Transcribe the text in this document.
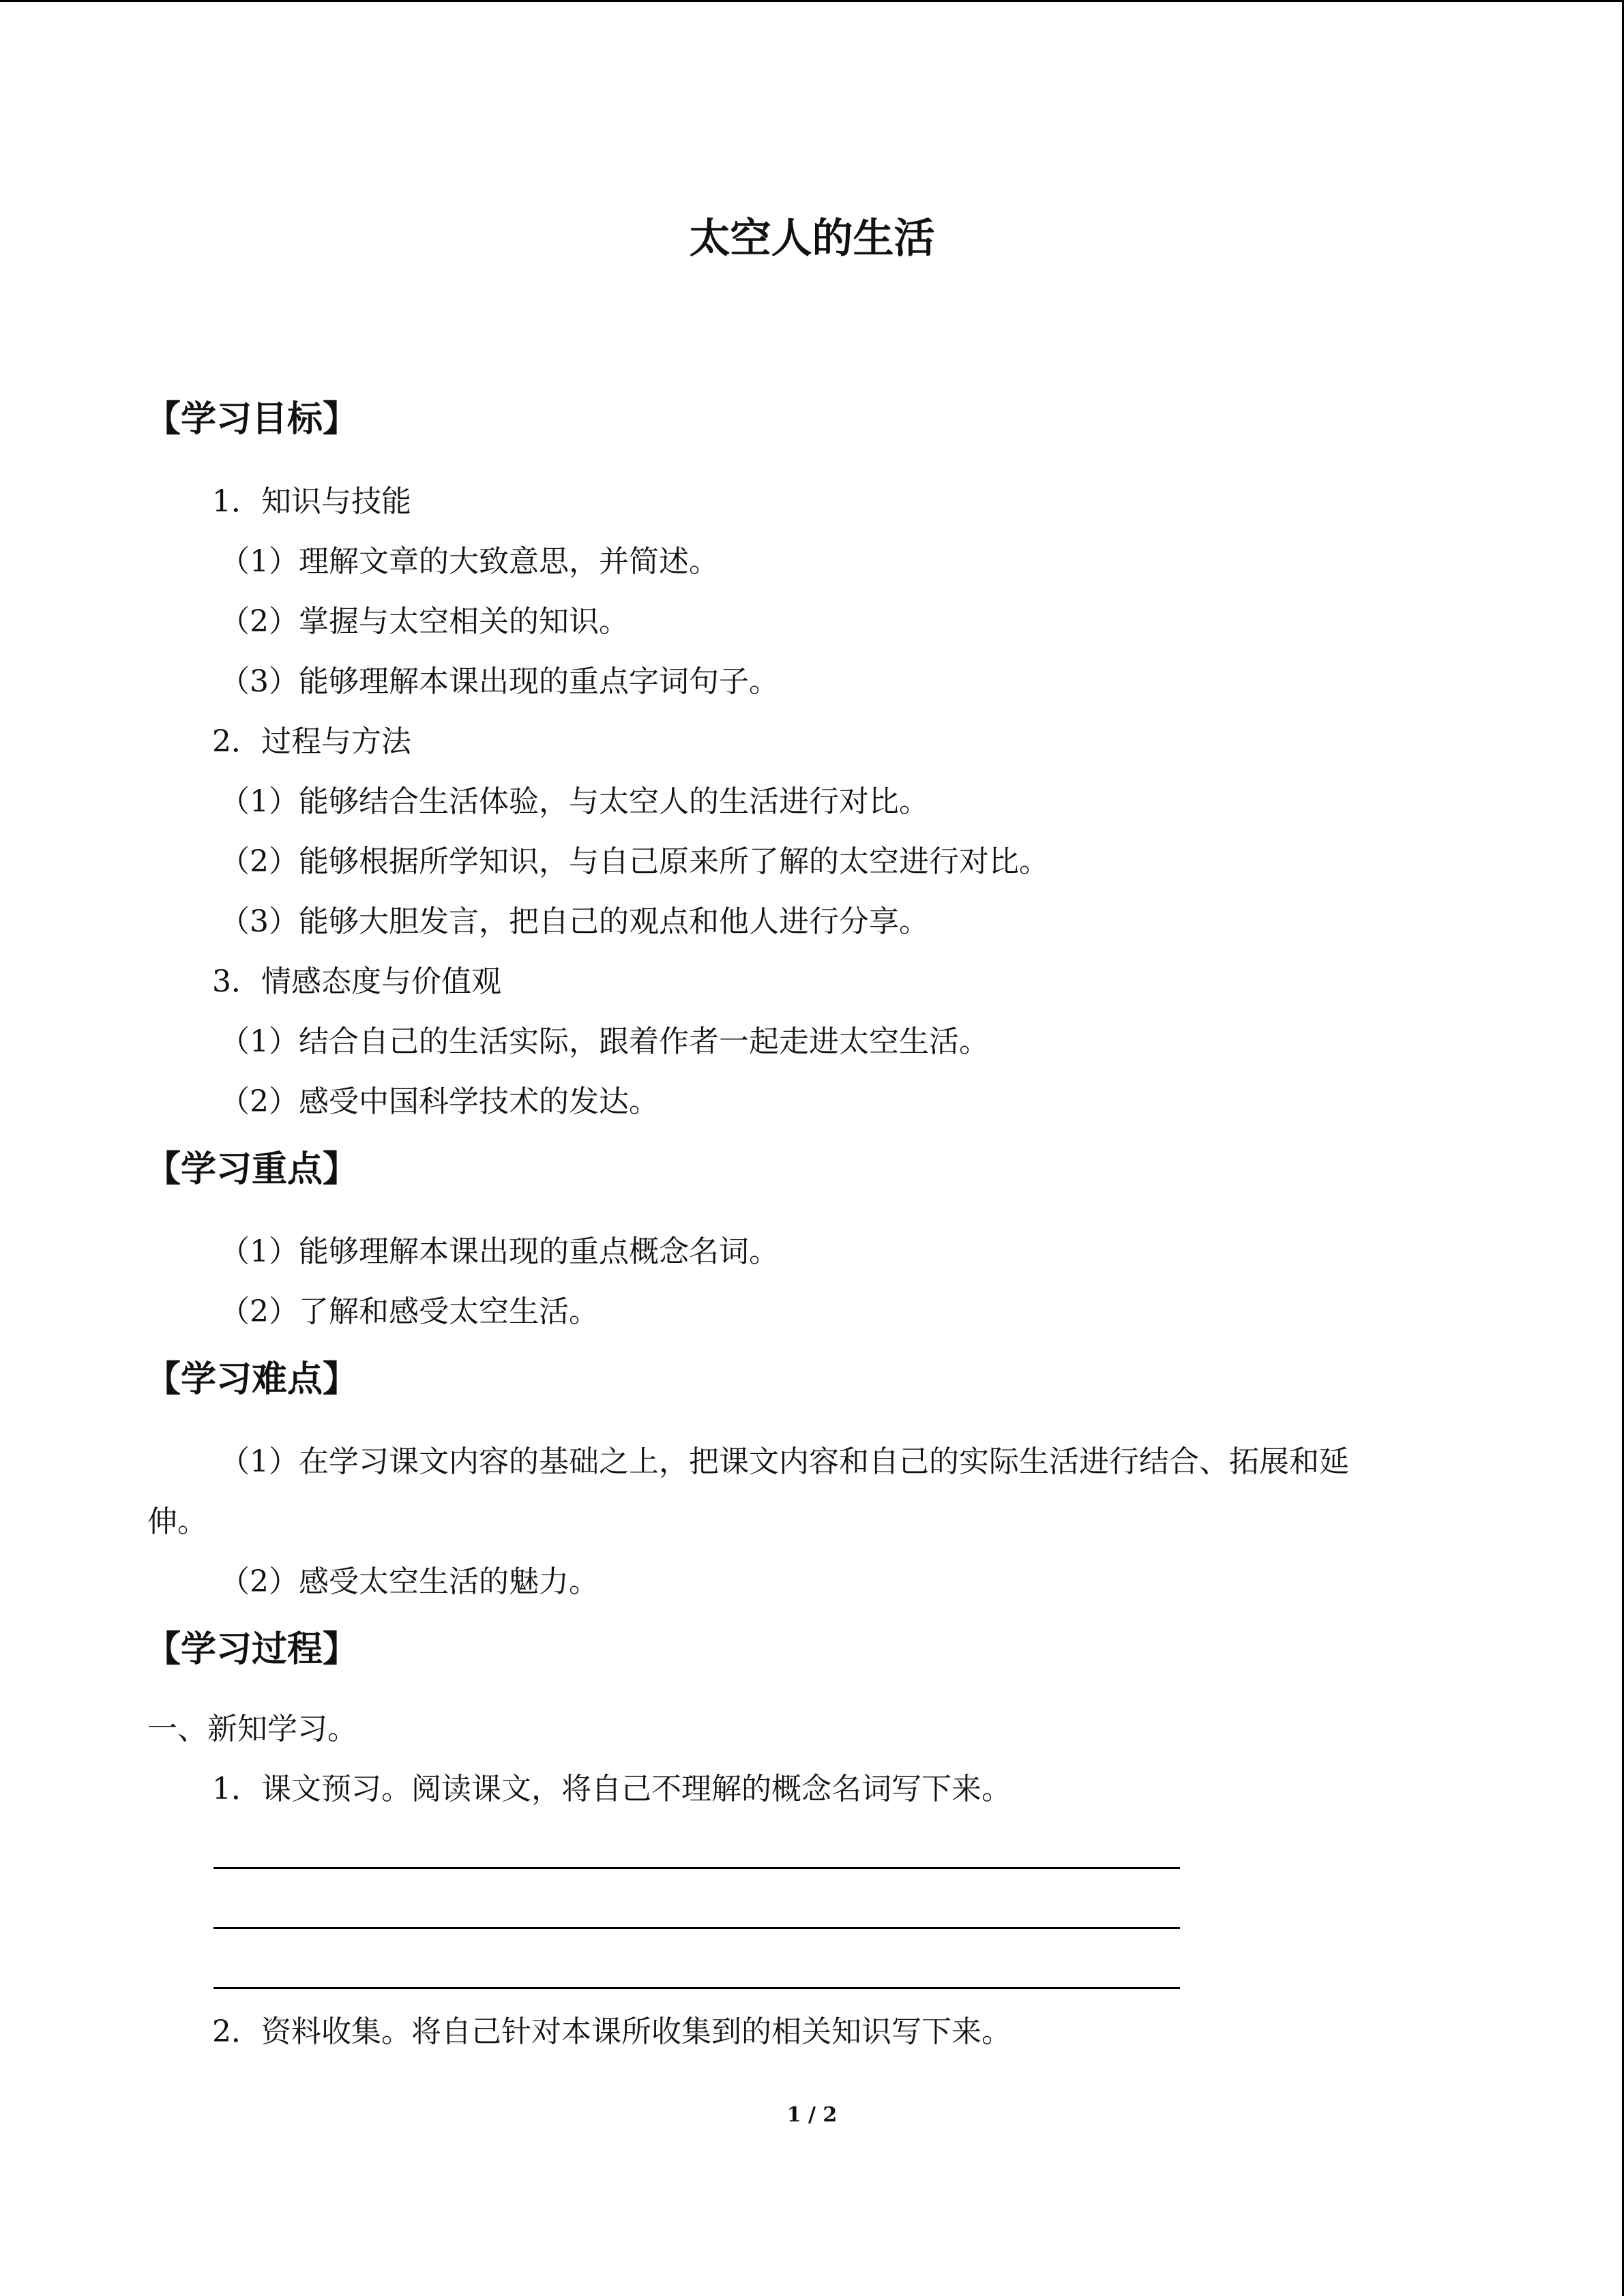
太空人的生活
【学习目标】
1．知识与技能
（1）理解文章的大致意思，并简述。
（2）掌握与太空相关的知识。
（3）能够理解本课出现的重点字词句子。
2．过程与方法
（1）能够结合生活体验，与太空人的生活进行对比。
（2）能够根据所学知识，与自己原来所了解的太空进行对比。
（3）能够大胆发言，把自己的观点和他人进行分享。
3．情感态度与价值观
（1）结合自己的生活实际，跟着作者一起走进太空生活。
（2）感受中国科学技术的发达。
【学习重点】
（1）能够理解本课出现的重点概念名词。
（2）了解和感受太空生活。
【学习难点】
（1）在学习课文内容的基础之上，把课文内容和自己的实际生活进行结合、拓展和延
伸。
（2）感受太空生活的魅力。
【学习过程】
一、新知学习。
1．课文预习。阅读课文，将自己不理解的概念名词写下来。
2．资料收集。将自己针对本课所收集到的相关知识写下来。
1 / 2
